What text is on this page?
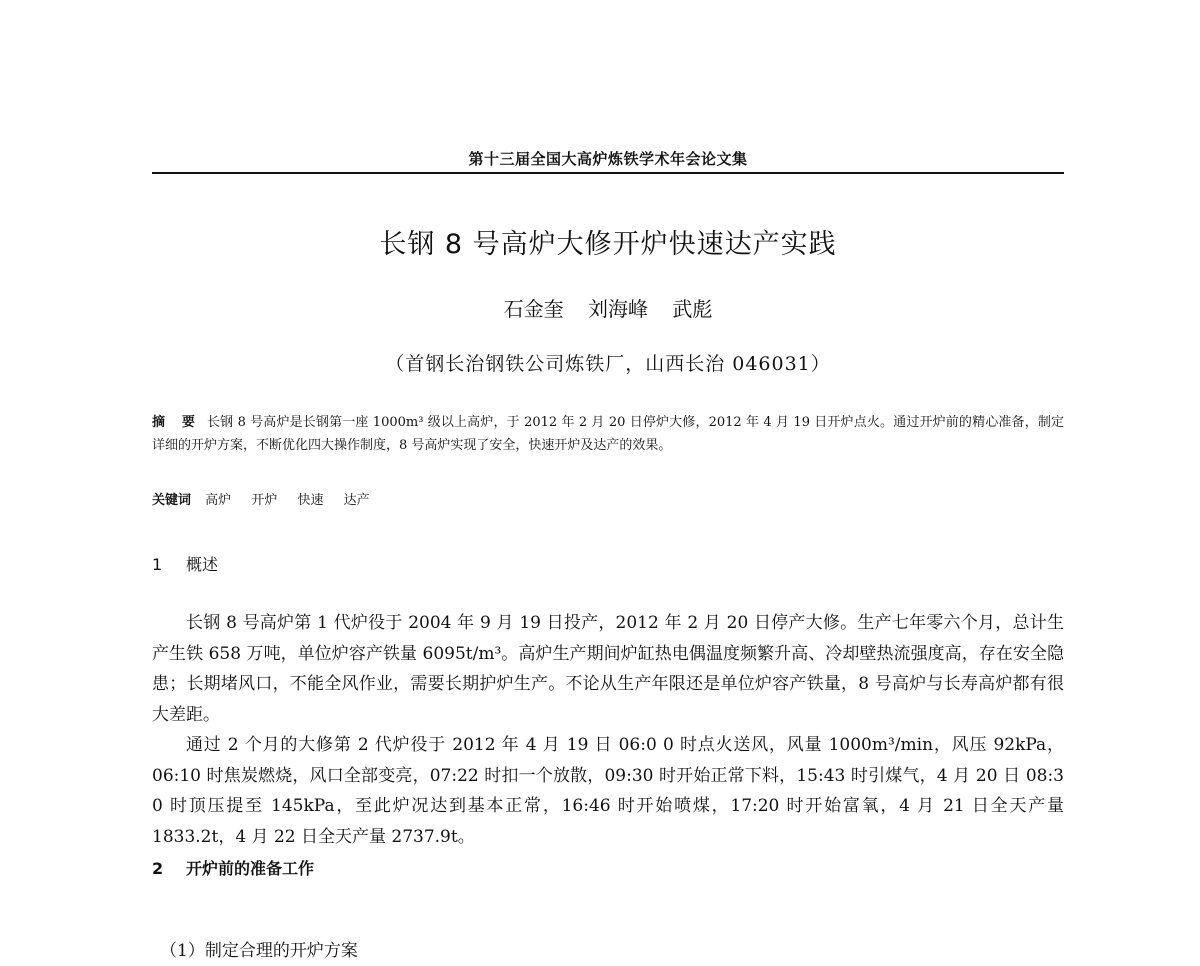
第十三届全国大高炉炼铁学术年会论文集
长钢 8 号高炉大修开炉快速达产实践
石金奎 刘海峰 武彪
（首钢长治钢铁公司炼铁厂，山西长治 046031）
摘 要 长钢 8 号高炉是长钢第一座 1000m³ 级以上高炉，于 2012 年 2 月 20 日停炉大修，2012 年 4 月 19 日开炉点火。通过开炉前的精心准备，制定详细的开炉方案，不断优化四大操作制度，8 号高炉实现了安全，快速开炉及达产的效果。
关键词 高炉 开炉 快速 达产
1 概述

长钢 8 号高炉第 1 代炉役于 2004 年 9 月 19 日投产，2012 年 2 月 20 日停产大修。生产七年零六个月，总计生产生铁 658 万吨，单位炉容产铁量 6095t/m³。高炉生产期间炉缸热电偶温度频繁升高、冷却壁热流强度高，存在安全隐患；长期堵风口，不能全风作业，需要长期护炉生产。不论从生产年限还是单位炉容产铁量，8 号高炉与长寿高炉都有很大差距。

通过 2 个月的大修第 2 代炉役于 2012 年 4 月 19 日 06:0 0 时点火送风，风量 1000m³/min，风压 92kPa，06:10 时焦炭燃烧，风口全部变亮，07:22 时扣一个放散，09:30 时开始正常下料，15:43 时引煤气，4 月 20 日 08:3 0 时顶压提至 145kPa，至此炉况达到基本正常，16:46 时开始喷煤，17:20 时开始富氧，4 月 21 日全天产量 1833.2t，4 月 22 日全天产量 2737.9t。

2 开炉前的准备工作
（1）制定合理的开炉方案
